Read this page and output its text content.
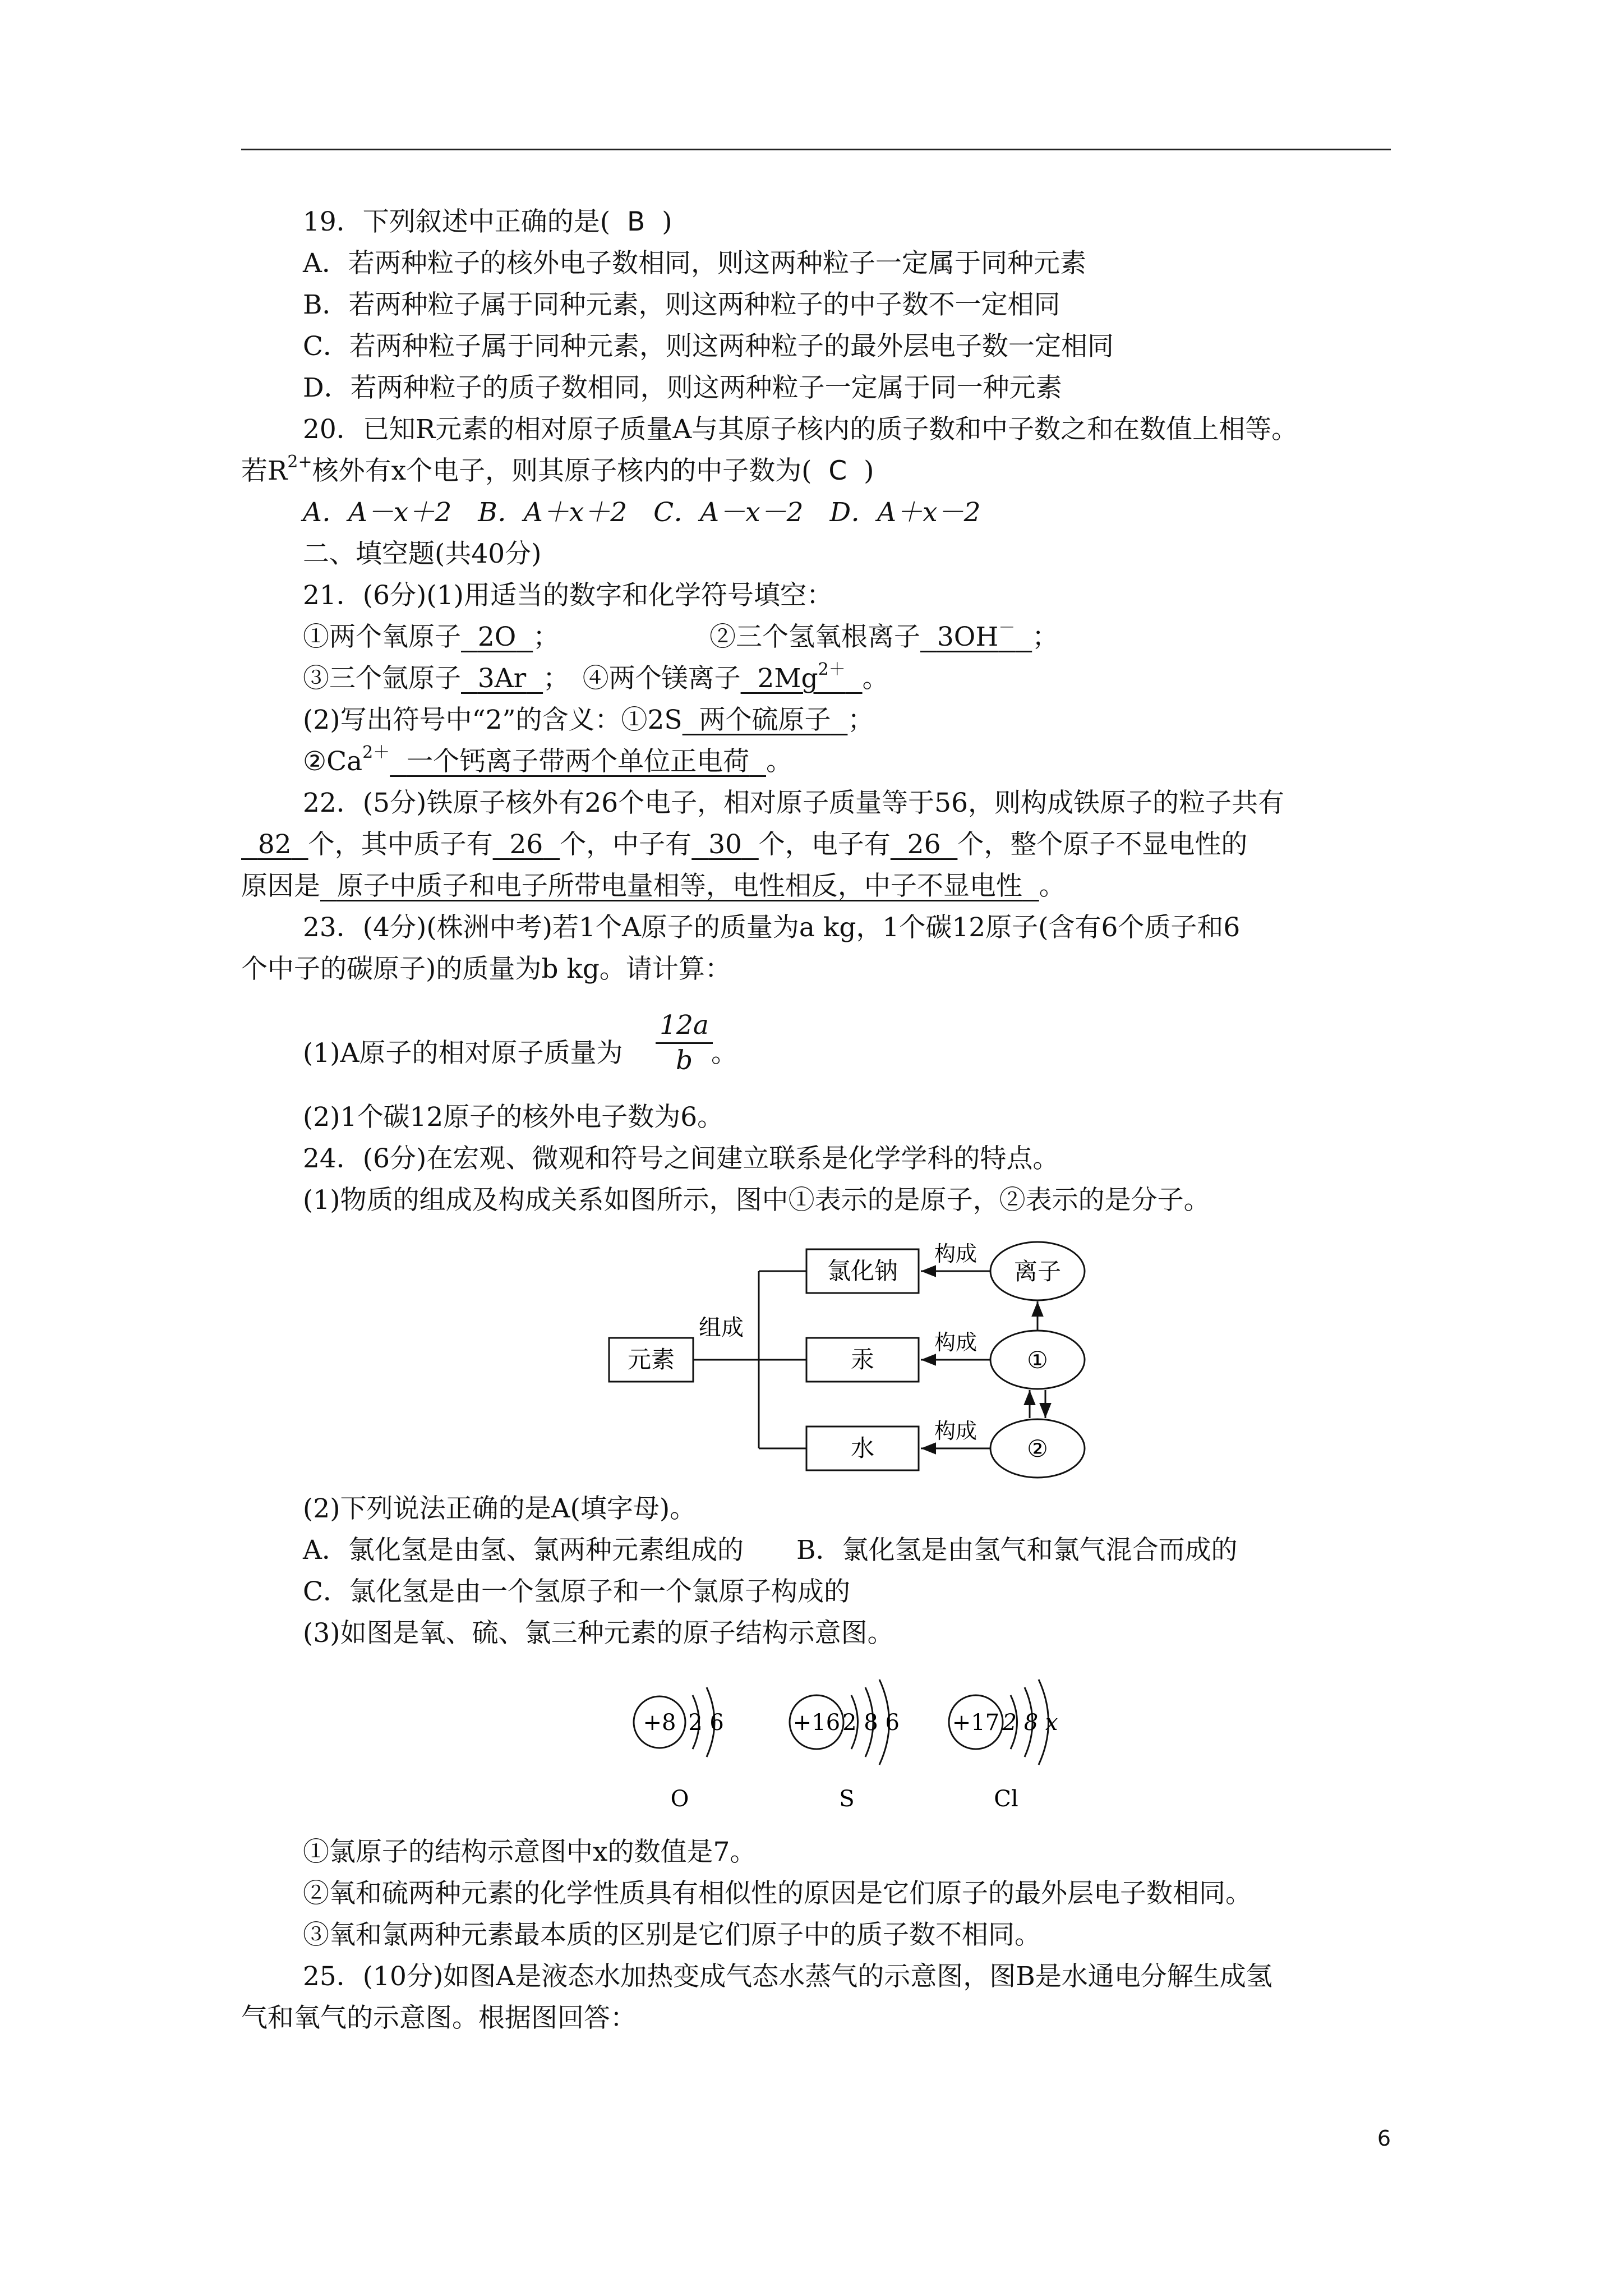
19．下列叙述中正确的是( B )
A．若两种粒子的核外电子数相同，则这两种粒子一定属于同种元素
B．若两种粒子属于同种元素，则这两种粒子的中子数不一定相同
C．若两种粒子属于同种元素，则这两种粒子的最外层电子数一定相同
D．若两种粒子的质子数相同，则这两种粒子一定属于同一种元素
20．已知R元素的相对原子质量A与其原子核内的质子数和中子数之和在数值上相等。
若$R^{2+}$核外有x个电子，则其原子核内的中子数为( C )
A．A－x＋2　B．A＋x＋2　C．A－x－2　D．A＋x－2
二、填空题(共40分)
21．(6分)(1)用适当的数字和化学符号填空：
①两个氧原子 2O ；	②三个氢氧根离子 3OH－ ；
③三个氩原子 3Ar ；　④两个镁离子 $2Mg^{2+}$ 。
(2)写出符号中“2”的含义：①2S 两个硫原子 ；
$②Ca^{2+}$ 一个钙离子带两个单位正电荷 。
22．(5分)铁原子核外有26个电子，相对原子质量等于56，则构成铁原子的粒子共有
82 个，其中质子有 26 个，中子有 30 个，电子有 26 个，整个原子不显电性的
原因是 原子中质子和电子所带电量相等，电性相反，中子不显电性 。
23．(4分)(株洲中考)若1个A原子的质量为a kg，1个碳12原子(含有6个质子和6
个中子的碳原子)的质量为b kg。请计算：
(1)A原子的相对原子质量为
12a
b 。
(2)1个碳12原子的核外电子数为6。
24．(6分)在宏观、微观和符号之间建立联系是化学学科的特点。
(1)物质的组成及构成关系如图所示，图中①表示的是原子，②表示的是分子。
元素
组成
氯化钠
汞
水
构成
构成
构成
离子
①
②
(2)下列说法正确的是A(填字母)。
A．氯化氢是由氢、氯两种元素组成的　　B．氯化氢是由氢气和氯气混合而成的
C．氯化氢是由一个氢原子和一个氯原子构成的
(3)如图是氧、硫、氯三种元素的原子结构示意图。
+8 2 6
O
+16 2 8 6
S
+17 2 8 x
Cl
①氯原子的结构示意图中x的数值是7。
②氧和硫两种元素的化学性质具有相似性的原因是它们原子的最外层电子数相同。
③氧和氯两种元素最本质的区别是它们原子中的质子数不相同。
25．(10分)如图A是液态水加热变成气态水蒸气的示意图，图B是水通电分解生成氢
气和氧气的示意图。根据图回答：
6
